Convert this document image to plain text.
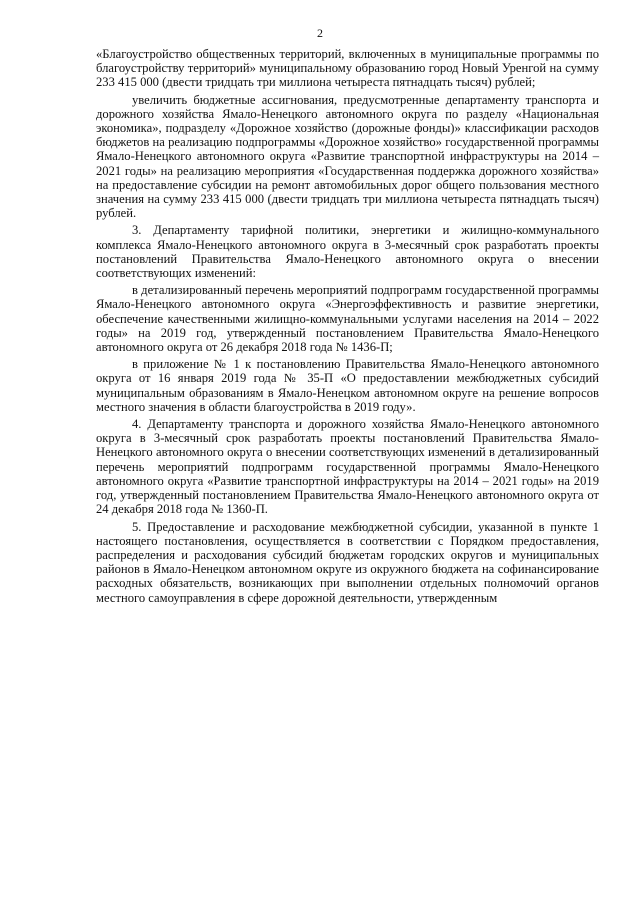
2

«Благоустройство общественных территорий, включенных в муниципальные программы по благоустройству территорий» муниципальному образованию город Новый Уренгой на сумму 233 415 000 (двести тридцать три миллиона четыреста пятнадцать тысяч) рублей;

увеличить бюджетные ассигнования, предусмотренные департаменту транспорта и дорожного хозяйства Ямало-Ненецкого автономного округа по разделу «Национальная экономика», подразделу «Дорожное хозяйство (дорожные фонды)» классификации расходов бюджетов на реализацию подпрограммы «Дорожное хозяйство» государственной программы Ямало-Ненецкого автономного округа «Развитие транспортной инфраструктуры на 2014 – 2021 годы» на реализацию мероприятия «Государственная поддержка дорожного хозяйства» на предоставление субсидии на ремонт автомобильных дорог общего пользования местного значения на сумму 233 415 000 (двести тридцать три миллиона четыреста пятнадцать тысяч) рублей.

3. Департаменту тарифной политики, энергетики и жилищно-коммунального комплекса Ямало-Ненецкого автономного округа в 3-месячный срок разработать проекты постановлений Правительства Ямало-Ненецкого автономного округа о внесении соответствующих изменений:

в детализированный перечень мероприятий подпрограмм государственной программы Ямало-Ненецкого автономного округа «Энергоэффективность и развитие энергетики, обеспечение качественными жилищно-коммунальными услугами населения на 2014 – 2022 годы» на 2019 год, утвержденный постановлением Правительства Ямало-Ненецкого автономного округа от 26 декабря 2018 года № 1436-П;

в приложение № 1 к постановлению Правительства Ямало-Ненецкого автономного округа от 16 января 2019 года № 35-П «О предоставлении межбюджетных субсидий муниципальным образованиям в Ямало-Ненецком автономном округе на решение вопросов местного значения в области благоустройства в 2019 году».

4. Департаменту транспорта и дорожного хозяйства Ямало-Ненецкого автономного округа в 3-месячный срок разработать проекты постановлений Правительства Ямало-Ненецкого автономного округа о внесении соответствующих изменений в детализированный перечень мероприятий подпрограмм государственной программы Ямало-Ненецкого автономного округа «Развитие транспортной инфраструктуры на 2014 – 2021 годы» на 2019 год, утвержденный постановлением Правительства Ямало-Ненецкого автономного округа от 24 декабря 2018 года № 1360-П.

5. Предоставление и расходование межбюджетной субсидии, указанной в пункте 1 настоящего постановления, осуществляется в соответствии с Порядком предоставления, распределения и расходования субсидий бюджетам городских округов и муниципальных районов в Ямало-Ненецком автономном округе из окружного бюджета на софинансирование расходных обязательств, возникающих при выполнении отдельных полномочий органов местного самоуправления в сфере дорожной деятельности, утвержденным
